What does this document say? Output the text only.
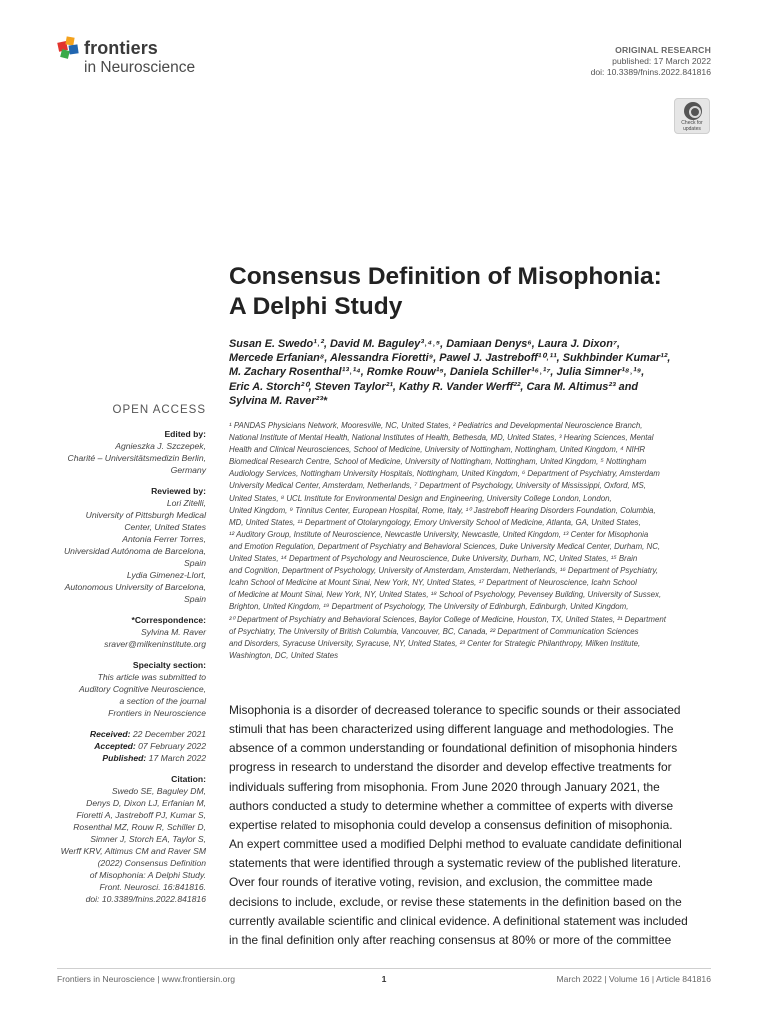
frontiers
in Neuroscience
ORIGINAL RESEARCH
published: 17 March 2022
doi: 10.3389/fnins.2022.841816
Check for updates
Consensus Definition of Misophonia:
A Delphi Study
Susan E. Swedo¹˒², David M. Baguley³˒⁴˒⁵, Damiaan Denys⁶, Laura J. Dixon⁷,
Mercede Erfanian⁸, Alessandra Fioretti⁹, Pawel J. Jastreboff¹⁰˒¹¹, Sukhbinder Kumar¹²,
M. Zachary Rosenthal¹³˒¹⁴, Romke Rouw¹⁵, Daniela Schiller¹⁶˒¹⁷, Julia Simner¹⁸˒¹⁹,
Eric A. Storch²⁰, Steven Taylor²¹, Kathy R. Vander Werff²², Cara M. Altimus²³ and
Sylvina M. Raver²³*
¹ PANDAS Physicians Network, Mooresville, NC, United States, ² Pediatrics and Developmental Neuroscience Branch,
National Institute of Mental Health, National Institutes of Health, Bethesda, MD, United States, ³ Hearing Sciences, Mental
Health and Clinical Neurosciences, School of Medicine, University of Nottingham, Nottingham, United Kingdom, ⁴ NIHR
Biomedical Research Centre, School of Medicine, University of Nottingham, Nottingham, United Kingdom, ⁵ Nottingham
Audiology Services, Nottingham University Hospitals, Nottingham, United Kingdom, ⁶ Department of Psychiatry, Amsterdam
University Medical Center, Amsterdam, Netherlands, ⁷ Department of Psychology, University of Mississippi, Oxford, MS,
United States, ⁸ UCL Institute for Environmental Design and Engineering, University College London, London,
United Kingdom, ⁹ Tinnitus Center, European Hospital, Rome, Italy, ¹⁰ Jastreboff Hearing Disorders Foundation, Columbia,
MD, United States, ¹¹ Department of Otolaryngology, Emory University School of Medicine, Atlanta, GA, United States,
¹² Auditory Group, Institute of Neuroscience, Newcastle University, Newcastle, United Kingdom, ¹³ Center for Misophonia
and Emotion Regulation, Department of Psychiatry and Behavioral Sciences, Duke University Medical Center, Durham, NC,
United States, ¹⁴ Department of Psychology and Neuroscience, Duke University, Durham, NC, United States, ¹⁵ Brain
and Cognition, Department of Psychology, University of Amsterdam, Amsterdam, Netherlands, ¹⁶ Department of Psychiatry,
Icahn School of Medicine at Mount Sinai, New York, NY, United States, ¹⁷ Department of Neuroscience, Icahn School
of Medicine at Mount Sinai, New York, NY, United States, ¹⁸ School of Psychology, Pevensey Building, University of Sussex,
Brighton, United Kingdom, ¹⁹ Department of Psychology, The University of Edinburgh, Edinburgh, United Kingdom,
²⁰ Department of Psychiatry and Behavioral Sciences, Baylor College of Medicine, Houston, TX, United States, ²¹ Department
of Psychiatry, The University of British Columbia, Vancouver, BC, Canada, ²² Department of Communication Sciences
and Disorders, Syracuse University, Syracuse, NY, United States, ²³ Center for Strategic Philanthropy, Milken Institute,
Washington, DC, United States
Misophonia is a disorder of decreased tolerance to specific sounds or their associated
stimuli that has been characterized using different language and methodologies. The
absence of a common understanding or foundational definition of misophonia hinders
progress in research to understand the disorder and develop effective treatments for
individuals suffering from misophonia. From June 2020 through January 2021, the
authors conducted a study to determine whether a committee of experts with diverse
expertise related to misophonia could develop a consensus definition of misophonia.
An expert committee used a modified Delphi method to evaluate candidate definitional
statements that were identified through a systematic review of the published literature.
Over four rounds of iterative voting, revision, and exclusion, the committee made
decisions to include, exclude, or revise these statements in the definition based on the
currently available scientific and clinical evidence. A definitional statement was included
in the final definition only after reaching consensus at 80% or more of the committee
OPEN ACCESS
Edited by:
Agnieszka J. Szczepek,
Charité – Universitätsmedizin Berlin,
Germany
Reviewed by:
Lori Zitelli,
University of Pittsburgh Medical
Center, United States
Antonia Ferrer Torres,
Universidad Autónoma de Barcelona,
Spain
Lydia Gimenez-Llort,
Autonomous University of Barcelona,
Spain
*Correspondence:
Sylvina M. Raver
sraver@milkeninstitute.org
Specialty section:
This article was submitted to
Auditory Cognitive Neuroscience,
a section of the journal
Frontiers in Neuroscience
Received: 22 December 2021
Accepted: 07 February 2022
Published: 17 March 2022
Citation:
Swedo SE, Baguley DM,
Denys D, Dixon LJ, Erfanian M,
Fioretti A, Jastreboff PJ, Kumar S,
Rosenthal MZ, Rouw R, Schiller D,
Simner J, Storch EA, Taylor S,
Werff KRV, Altimus CM and Raver SM
(2022) Consensus Definition
of Misophonia: A Delphi Study.
Front. Neurosci. 16:841816.
doi: 10.3389/fnins.2022.841816
Frontiers in Neuroscience | www.frontiersin.org	1	March 2022 | Volume 16 | Article 841816
